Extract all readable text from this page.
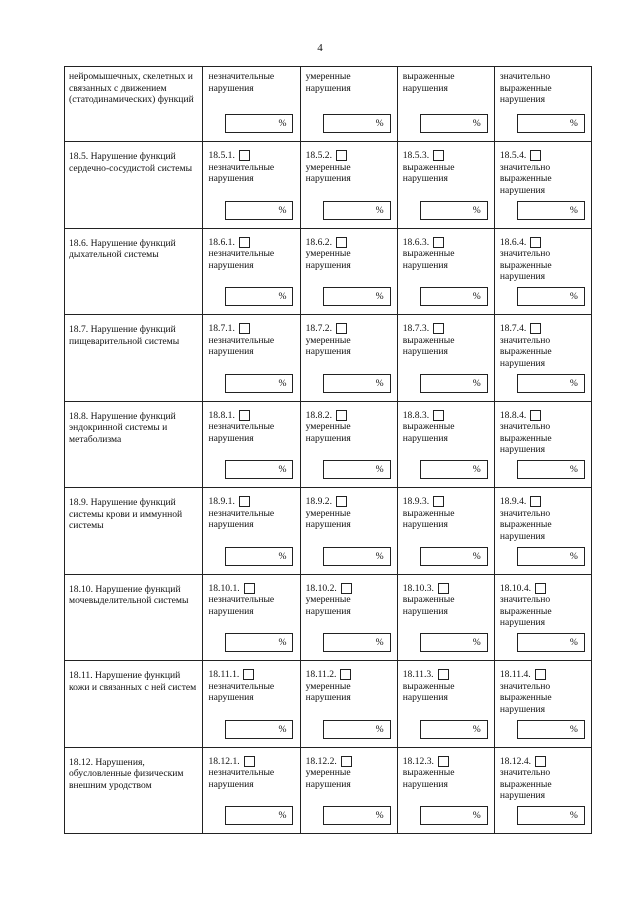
4
нейромышечных, скелетных и связанных с движением (статодинамических) функций
незначительные нарушения
%
умеренные нарушения
%
выраженные нарушения
%
значительно выраженные нарушения
%
18.5. Нарушение функций сердечно-сосудистой системы
18.5.1.
незначительные нарушения
%
18.5.2.
умеренные нарушения
%
18.5.3.
выраженные нарушения
%
18.5.4.
значительно выраженные нарушения
%
18.6. Нарушение функций дыхательной системы
18.6.1.
незначительные нарушения
%
18.6.2.
умеренные нарушения
%
18.6.3.
выраженные нарушения
%
18.6.4.
значительно выраженные нарушения
%
18.7. Нарушение функций пищеварительной системы
18.7.1.
незначительные нарушения
%
18.7.2.
умеренные нарушения
%
18.7.3.
выраженные нарушения
%
18.7.4.
значительно выраженные нарушения
%
18.8. Нарушение функций эндокринной системы и метаболизма
18.8.1.
незначительные нарушения
%
18.8.2.
умеренные нарушения
%
18.8.3.
выраженные нарушения
%
18.8.4.
значительно выраженные нарушения
%
18.9. Нарушение функций системы крови и иммунной системы
18.9.1.
незначительные нарушения
%
18.9.2.
умеренные нарушения
%
18.9.3.
выраженные нарушения
%
18.9.4.
значительно выраженные нарушения
%
18.10. Нарушение функций мочевыделительной системы
18.10.1.
незначительные нарушения
%
18.10.2.
умеренные нарушения
%
18.10.3.
выраженные нарушения
%
18.10.4.
значительно выраженные нарушения
%
18.11. Нарушение функций кожи и связанных с ней систем
18.11.1.
незначительные нарушения
%
18.11.2.
умеренные нарушения
%
18.11.3.
выраженные нарушения
%
18.11.4.
значительно выраженные нарушения
%
18.12. Нарушения, обусловленные физическим внешним уродством
18.12.1.
незначительные нарушения
%
18.12.2.
умеренные нарушения
%
18.12.3.
выраженные нарушения
%
18.12.4.
значительно выраженные нарушения
%
